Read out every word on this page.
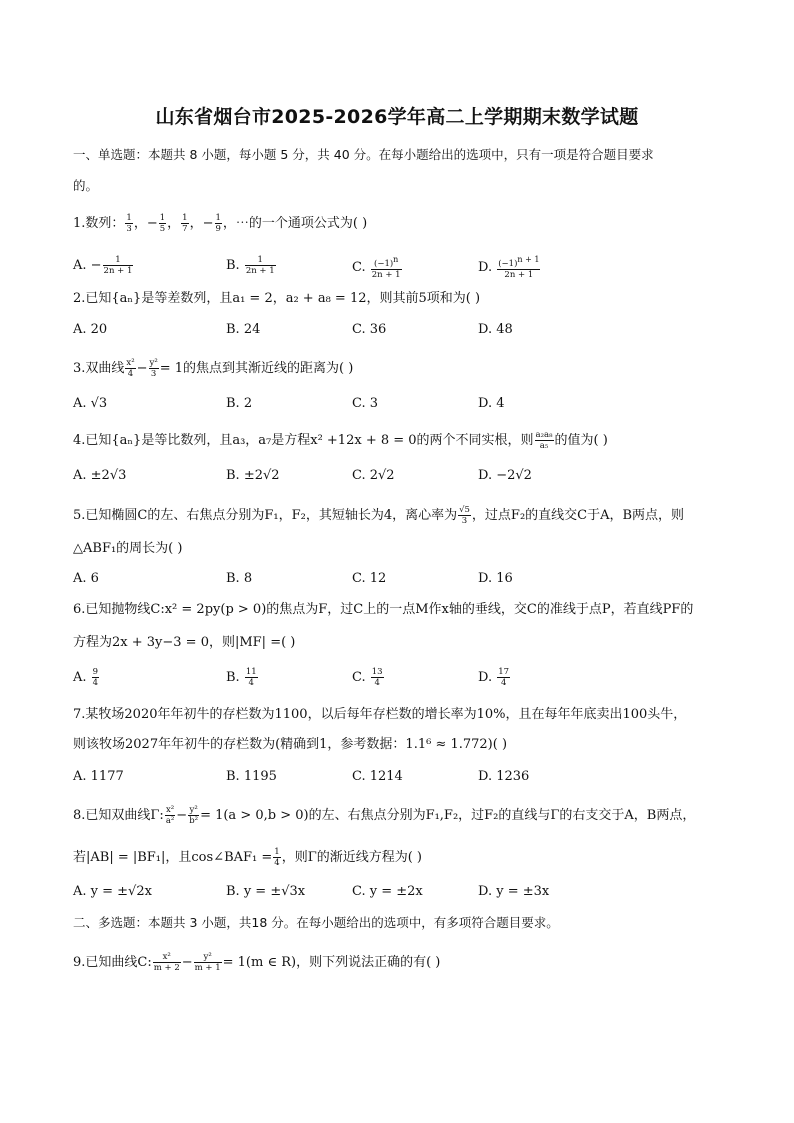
山东省烟台市2025-2026学年高二上学期期末数学试题
一、单选题：本题共 8 小题，每小题 5 分，共 40 分。在每小题给出的选项中，只有一项是符合题目要求
的。
1.数列： $\frac{1}{3}$ ，− $\frac{1}{5}$ ， $\frac{1}{7}$ ，− $\frac{1}{9}$ ，⋯的一个通项公式为( )
A. − $\frac{1}{2n + 1}$	B. $\frac{1}{2n + 1}$	C. $\frac{(-1)^n}{2n + 1}$	D. $\frac{(-1)^{n + 1}}{2n + 1}$
2.已知{aₙ}是等差数列，且a₁ = 2，a₂ + a₈ = 12，则其前5项和为( )
A. 20	B. 24	C. 36	D. 48
3.双曲线 $\frac{\text{x²}}{4} - \frac{\text{y²}}{3} = 1$的焦点到其渐近线的距离为( )
A. √3	B. 2	C. 3	D. 4
4.已知{aₙ}是等比数列，且a₃，a₇是方程x² +12x + 8 = 0的两个不同实根，则 $\frac{\text{a₂a₈}}{\text{a₅}}$ 的值为( )
A. ±2√3	B. ±2√2	C. 2√2	D. −2√2
5.已知椭圆C的左、右焦点分别为F₁，F₂，其短轴长为4，离心率为 $\frac{√5}{3}$ ，过点F₂的直线交C于A，B两点，则
△ABF₁的周长为( )
A. 6	B. 8	C. 12	D. 16
6.已知抛物线C:x² = 2py(p > 0)的焦点为F，过C上的一点M作x轴的垂线，交C的准线于点P，若直线PF的
方程为2x + 3y−3 = 0，则|MF| =( )
A. $\frac{9}{4}$	B. $\frac{11}{4}$	C. $\frac{13}{4}$	D. $\frac{17}{4}$
7.某牧场2020年年初牛的存栏数为1100，以后每年存栏数的增长率为10%，且在每年年底卖出100头牛，
则该牧场2027年年初牛的存栏数为(精确到1，参考数据：1.1⁶ ≈ 1.772)( )
A. 1177	B. 1195	C. 1214	D. 1236
8.已知双曲线Γ: $\frac{\text{x²}}{\text{a²}} - \frac{\text{y²}}{\text{b²}} = 1(a > 0,b > 0)$的左、右焦点分别为F₁,F₂，过F₂的直线与Γ的右支交于A，B两点，
若|AB| = |BF₁|，且cos∠BAF₁ = $\frac{1}{4}$ ，则Γ的渐近线方程为( )
A. y = ±√2x	B. y = ±√3x	C. y = ±2x	D. y = ±3x
二、多选题：本题共 3 小题，共18 分。在每小题给出的选项中，有多项符合题目要求。
9.已知曲线C: $\frac{\text{x²}}{m + 2} - \frac{\text{y²}}{m + 1} = 1(m$ ∈ R)，则下列说法正确的有( )
